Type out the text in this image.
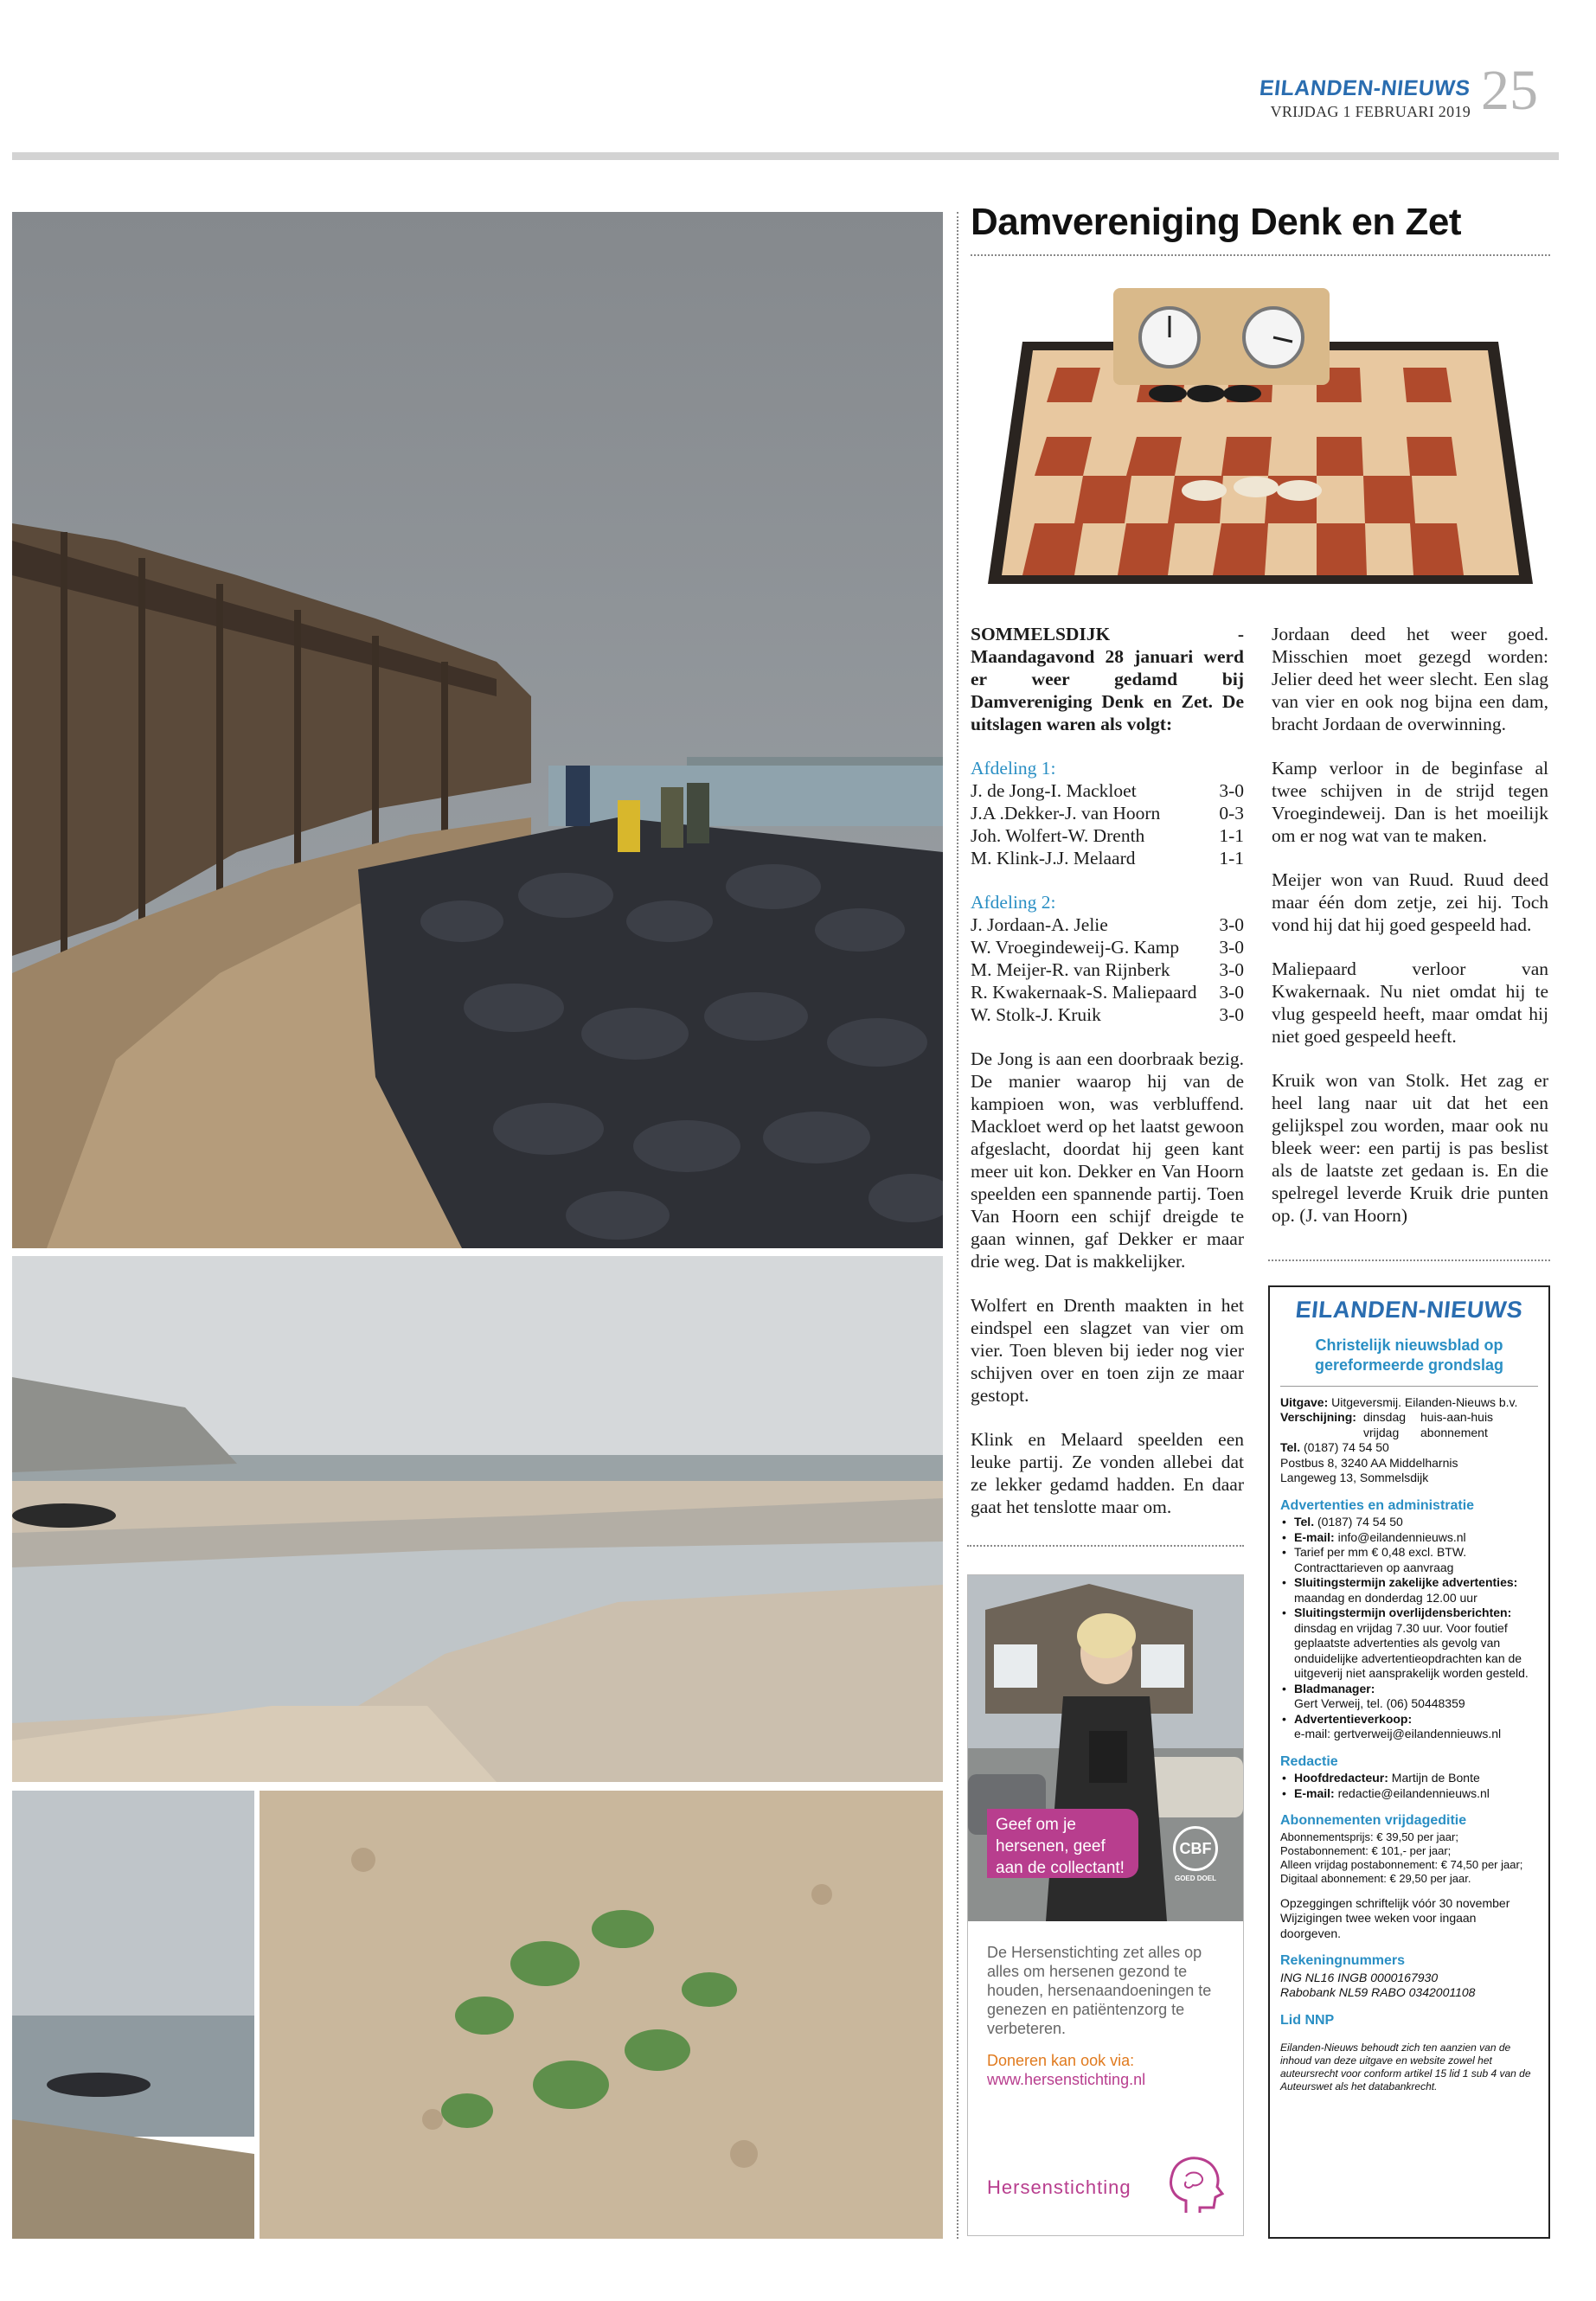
EILANDEN-NIEUWS
VRIJDAG 1 FEBRUARI 2019 25
Damvereniging Denk en Zet

SOMMELSDIJK - Maandagavond 28 januari werd er weer gedamd bij Damvereniging Denk en Zet. De uitslagen waren als volgt:

Afdeling 1:
J. de Jong-I. Mackloet	3-0
J.A .Dekker-J. van Hoorn	0-3
Joh. Wolfert-W. Drenth	1-1
M. Klink-J.J. Melaard	1-1
Afdeling 2:
J. Jordaan-A. Jelie	3-0
W. Vroegindeweij-G. Kamp 3-0
M. Meijer-R. van Rijnberk	3-0
R. Kwakernaak-S. Maliepaard 3-0
W. Stolk-J. Kruik	3-0

De Jong is aan een doorbraak bezig. De manier waarop hij van de kampioen won, was verbluffend. Mackloet werd op het laatst gewoon afgeslacht, doordat hij geen kant meer uit kon. Dekker en Van Hoorn speelden een spannende partij. Toen Van Hoorn een schijf dreigde te gaan winnen, gaf Dekker er maar drie weg. Dat is makkelijker.

Wolfert en Drenth maakten in het eindspel een slagzet van vier om vier. Toen bleven bij ieder nog vier schijven over en toen zijn ze maar gestopt.

Klink en Melaard speelden een leuke partij. Ze vonden allebei dat ze lekker gedamd hadden. En daar gaat het tenslotte maar om.

Jordaan deed het weer goed. Misschien moet gezegd worden: Jelier deed het weer slecht. Een slag van vier en ook nog bijna een dam, bracht Jordaan de overwinning.

Kamp verloor in de beginfase al twee schijven in de strijd tegen Vroegindeweij. Dan is het moeilijk om er nog wat van te maken.

Meijer won van Ruud. Ruud deed maar één dom zetje, zei hij. Toch vond hij dat hij goed gespeeld had.

Maliepaard verloor van Kwakernaak. Nu niet omdat hij te vlug gespeeld heeft, maar omdat hij niet goed gespeeld heeft.

Kruik won van Stolk. Het zag er heel lang naar uit dat het een gelijkspel zou worden, maar ook nu bleek weer: een partij is pas beslist als de laatste zet gedaan is. En die spelregel leverde Kruik drie punten op. (J. van Hoorn)

Geef om je hersenen, geef aan de collectant!
CBF
GOED DOEL
De Hersenstichting zet alles op alles om hersenen gezond te houden, hersenaandoeningen te genezen en patiëntenzorg te verbeteren.
Doneren kan ook via:
www.hersenstichting.nl
Hersenstichting
EILANDEN-NIEUWS
Christelijk nieuwsblad op gereformeerde grondslag
Uitgave: Uitgeversmij. Eilanden-Nieuws b.v.
Verschijning: dinsdag vrijdag
huis-aan-huis abonnement
Tel. (0187) 74 54 50
Postbus 8, 3240 AA Middelharnis
Langeweg 13, Sommelsdijk
Advertenties en administratie
• Tel. (0187) 74 54 50
• E-mail: info@eilandennieuws.nl
• Tarief per mm € 0,48 excl. BTW. Contracttarieven op aanvraag
• Sluitingstermijn zakelijke advertenties:
maandag en donderdag 12.00 uur
• Sluitingstermijn overlijdensberichten:
dinsdag en vrijdag 7.30 uur. Voor foutief geplaatste advertenties als gevolg van onduidelijke advertentieopdrachten kan de uitgeverij niet aansprakelijk worden gesteld.
• Bladmanager:
Gert Verweij, tel. (06) 50448359
• Advertentieverkoop:
e-mail: gertverweij@eilandennieuws.nl
Redactie
• Hoofdredacteur: Martijn de Bonte
• E-mail: redactie@eilandennieuws.nl
Abonnementen vrijdageditie
Abonnementsprijs: € 39,50 per jaar;
Postabonnement: € 101,- per jaar;
Alleen vrijdag postabonnement: € 74,50 per jaar;
Digitaal abonnement: € 29,50 per jaar.
Opzeggingen schriftelijk vóór 30 november Wijzigingen twee weken voor ingaan doorgeven.
Rekeningnummers
ING NL16 INGB 0000167930
Rabobank NL59 RABO 0342001108
Lid NNP
Eilanden-Nieuws behoudt zich ten aanzien van de inhoud van deze uitgave en website zowel het auteursrecht voor conform artikel 15 lid 1 sub 4 van de Auteurswet als het databankrecht.
